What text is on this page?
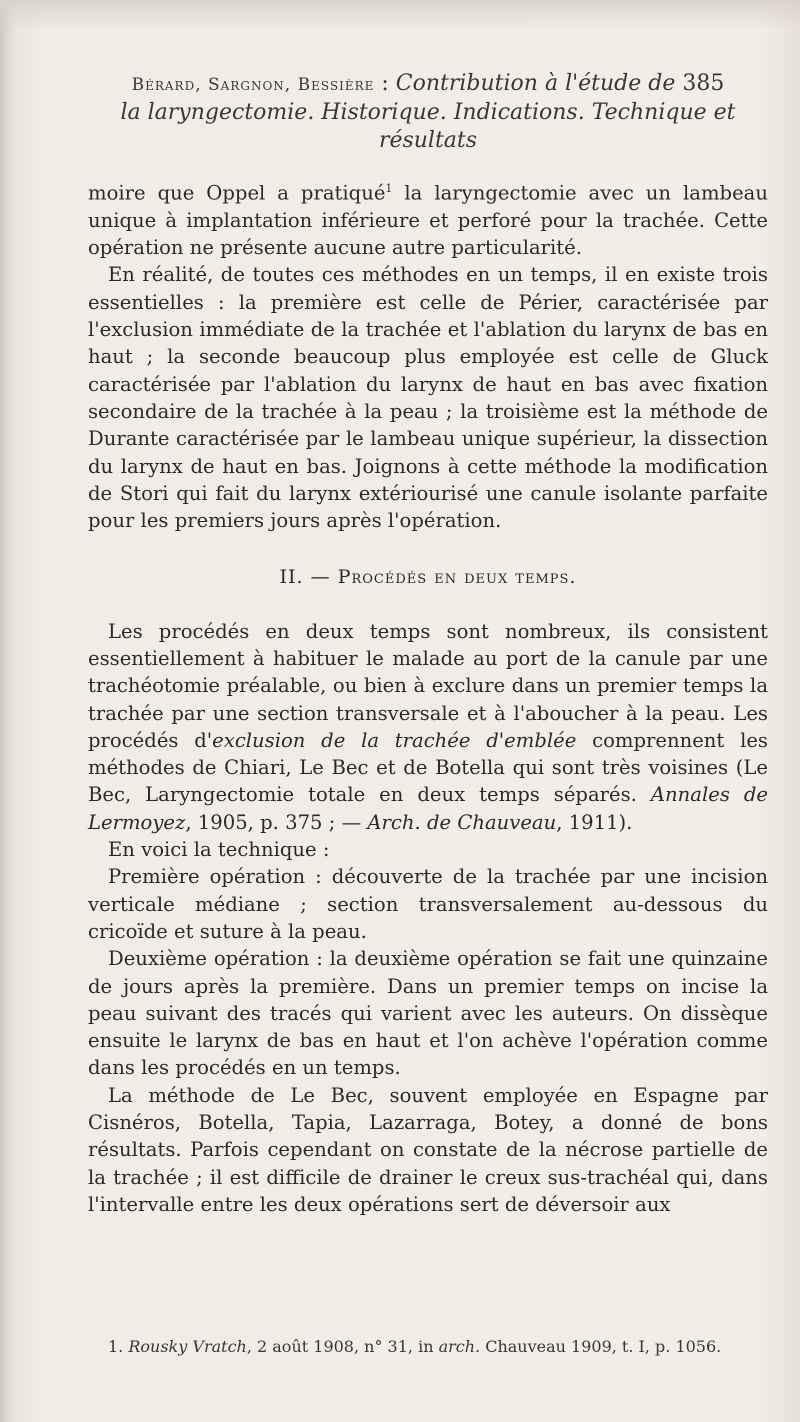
Bérard, Sargnon, Bessière : Contribution à l'étude de 385
la laryngectomie. Historique. Indications. Technique et
résultats

moire que Oppel a pratiqué$^1$ la laryngectomie avec un lambeau unique à implantation inférieure et perforé pour la trachée. Cette opération ne présente aucune autre particularité.

En réalité, de toutes ces méthodes en un temps, il en existe trois essentielles : la première est celle de Périer, caractérisée par l'exclusion immédiate de la trachée et l'ablation du larynx de bas en haut ; la seconde beaucoup plus employée est celle de Gluck caractérisée par l'ablation du larynx de haut en bas avec fixation secondaire de la trachée à la peau ; la troisième est la méthode de Durante caractérisée par le lambeau unique supérieur, la dissection du larynx de haut en bas. Joignons à cette méthode la modification de Stori qui fait du larynx extériourisé une canule isolante parfaite pour les premiers jours après l'opération.

II. — Procédés en deux temps.

Les procédés en deux temps sont nombreux, ils consistent essentiellement à habituer le malade au port de la canule par une trachéotomie préalable, ou bien à exclure dans un premier temps la trachée par une section transversale et à l'aboucher à la peau. Les procédés d'exclusion de la trachée d'emblée comprennent les méthodes de Chiari, Le Bec et de Botella qui sont très voisines (Le Bec, Laryngectomie totale en deux temps séparés. Annales de Lermoyez, 1905, p. 375 ; — Arch. de Chauveau, 1911).

En voici la technique :

Première opération : découverte de la trachée par une incision verticale médiane ; section transversalement au-dessous du cricoïde et suture à la peau.

Deuxième opération : la deuxième opération se fait une quinzaine de jours après la première. Dans un premier temps on incise la peau suivant des tracés qui varient avec les auteurs. On dissèque ensuite le larynx de bas en haut et l'on achève l'opération comme dans les procédés en un temps.

La méthode de Le Bec, souvent employée en Espagne par Cisnéros, Botella, Tapia, Lazarraga, Botey, a donné de bons résultats. Parfois cependant on constate de la nécrose partielle de la trachée ; il est difficile de drainer le creux sus-trachéal qui, dans l'intervalle entre les deux opérations sert de déversoir aux

1. Rousky Vratch, 2 août 1908, n° 31, in arch. Chauveau 1909, t. I, p. 1056.
